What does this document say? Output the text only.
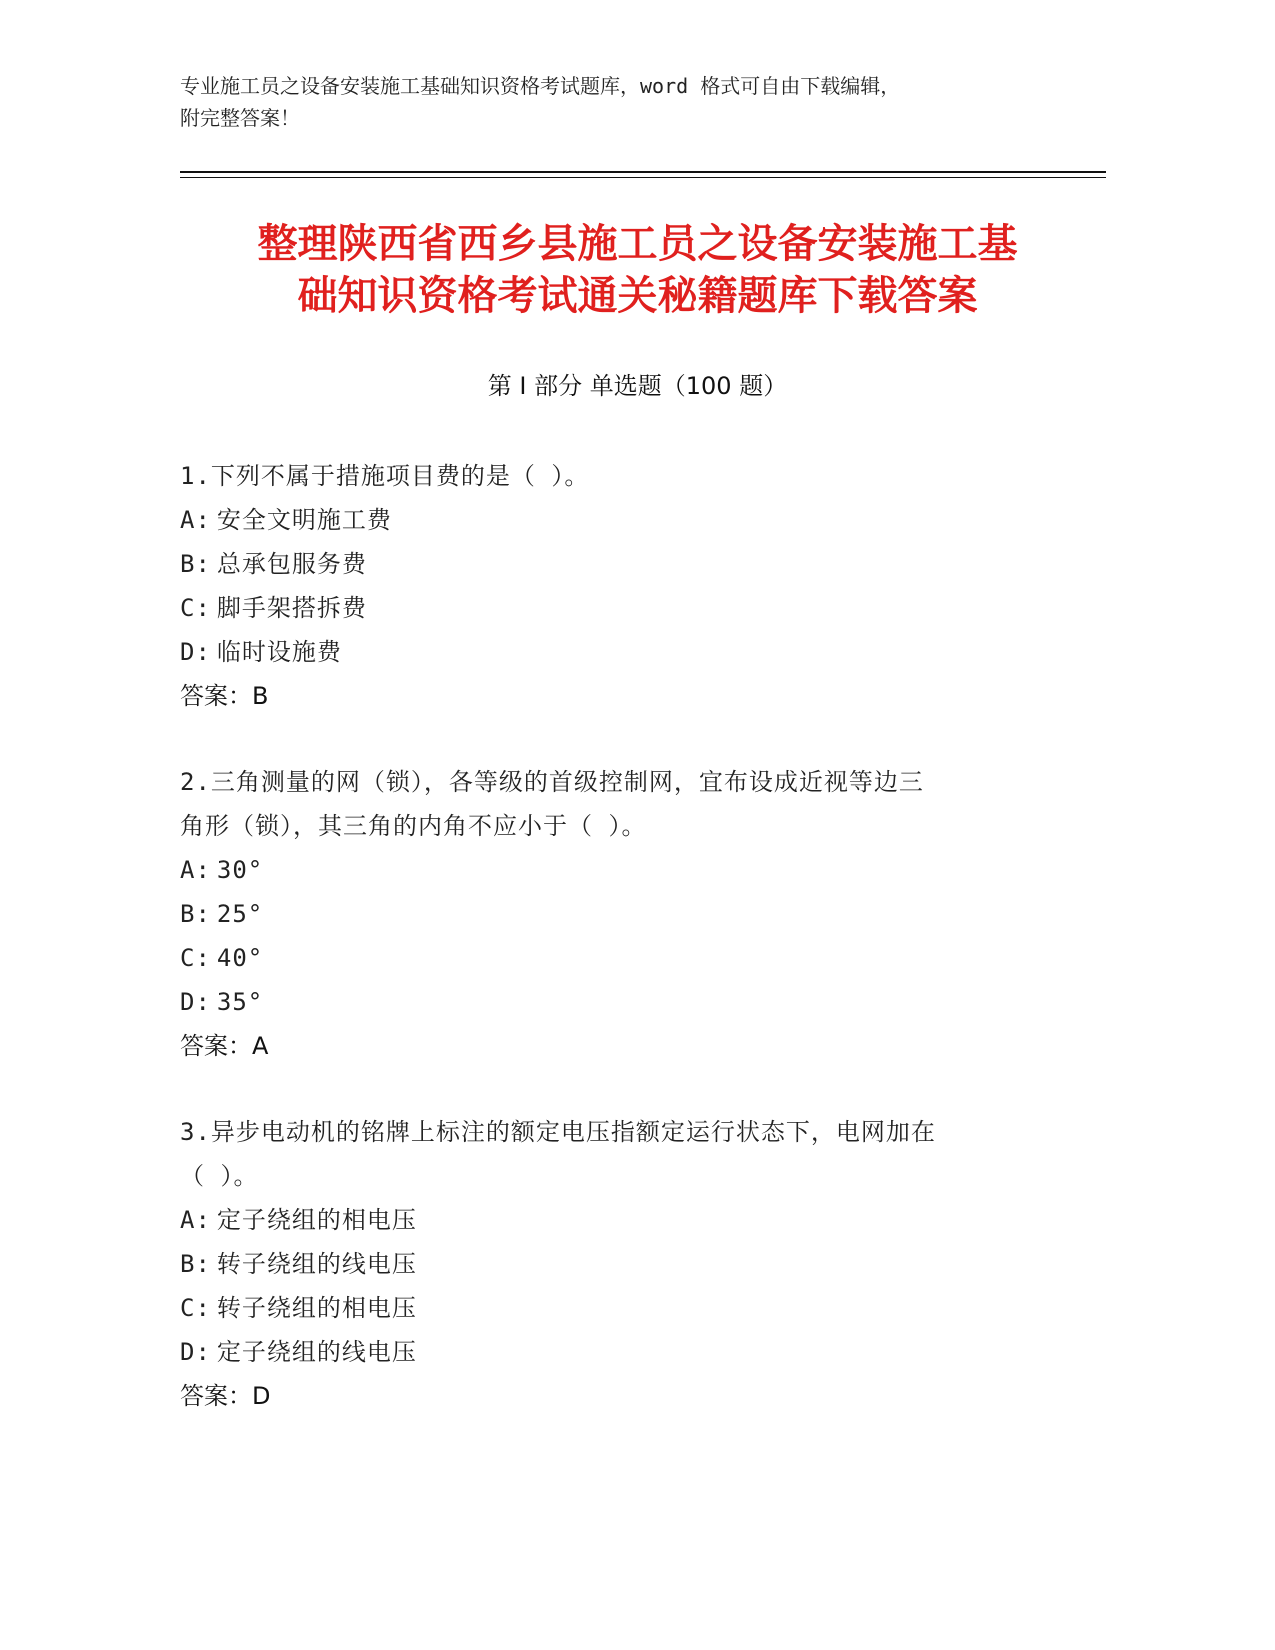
专业施工员之设备安装施工基础知识资格考试题库，word 格式可自由下载编辑，

附完整答案！

整理陕西省西乡县施工员之设备安装施工基

础知识资格考试通关秘籍题库下载答案

第 I 部分 单选题（100 题）

1.下列不属于措施项目费的是（ ）。

A: 安全文明施工费

B: 总承包服务费

C: 脚手架搭拆费

D: 临时设施费

答案：B

2.三角测量的网（锁），各等级的首级控制网，宜布设成近视等边三

角形（锁），其三角的内角不应小于（ ）。

A: 30°

B: 25°

C: 40°

D: 35°

答案：A

3.异步电动机的铭牌上标注的额定电压指额定运行状态下，电网加在

（ ）。

A: 定子绕组的相电压

B: 转子绕组的线电压

C: 转子绕组的相电压

D: 定子绕组的线电压

答案：D
